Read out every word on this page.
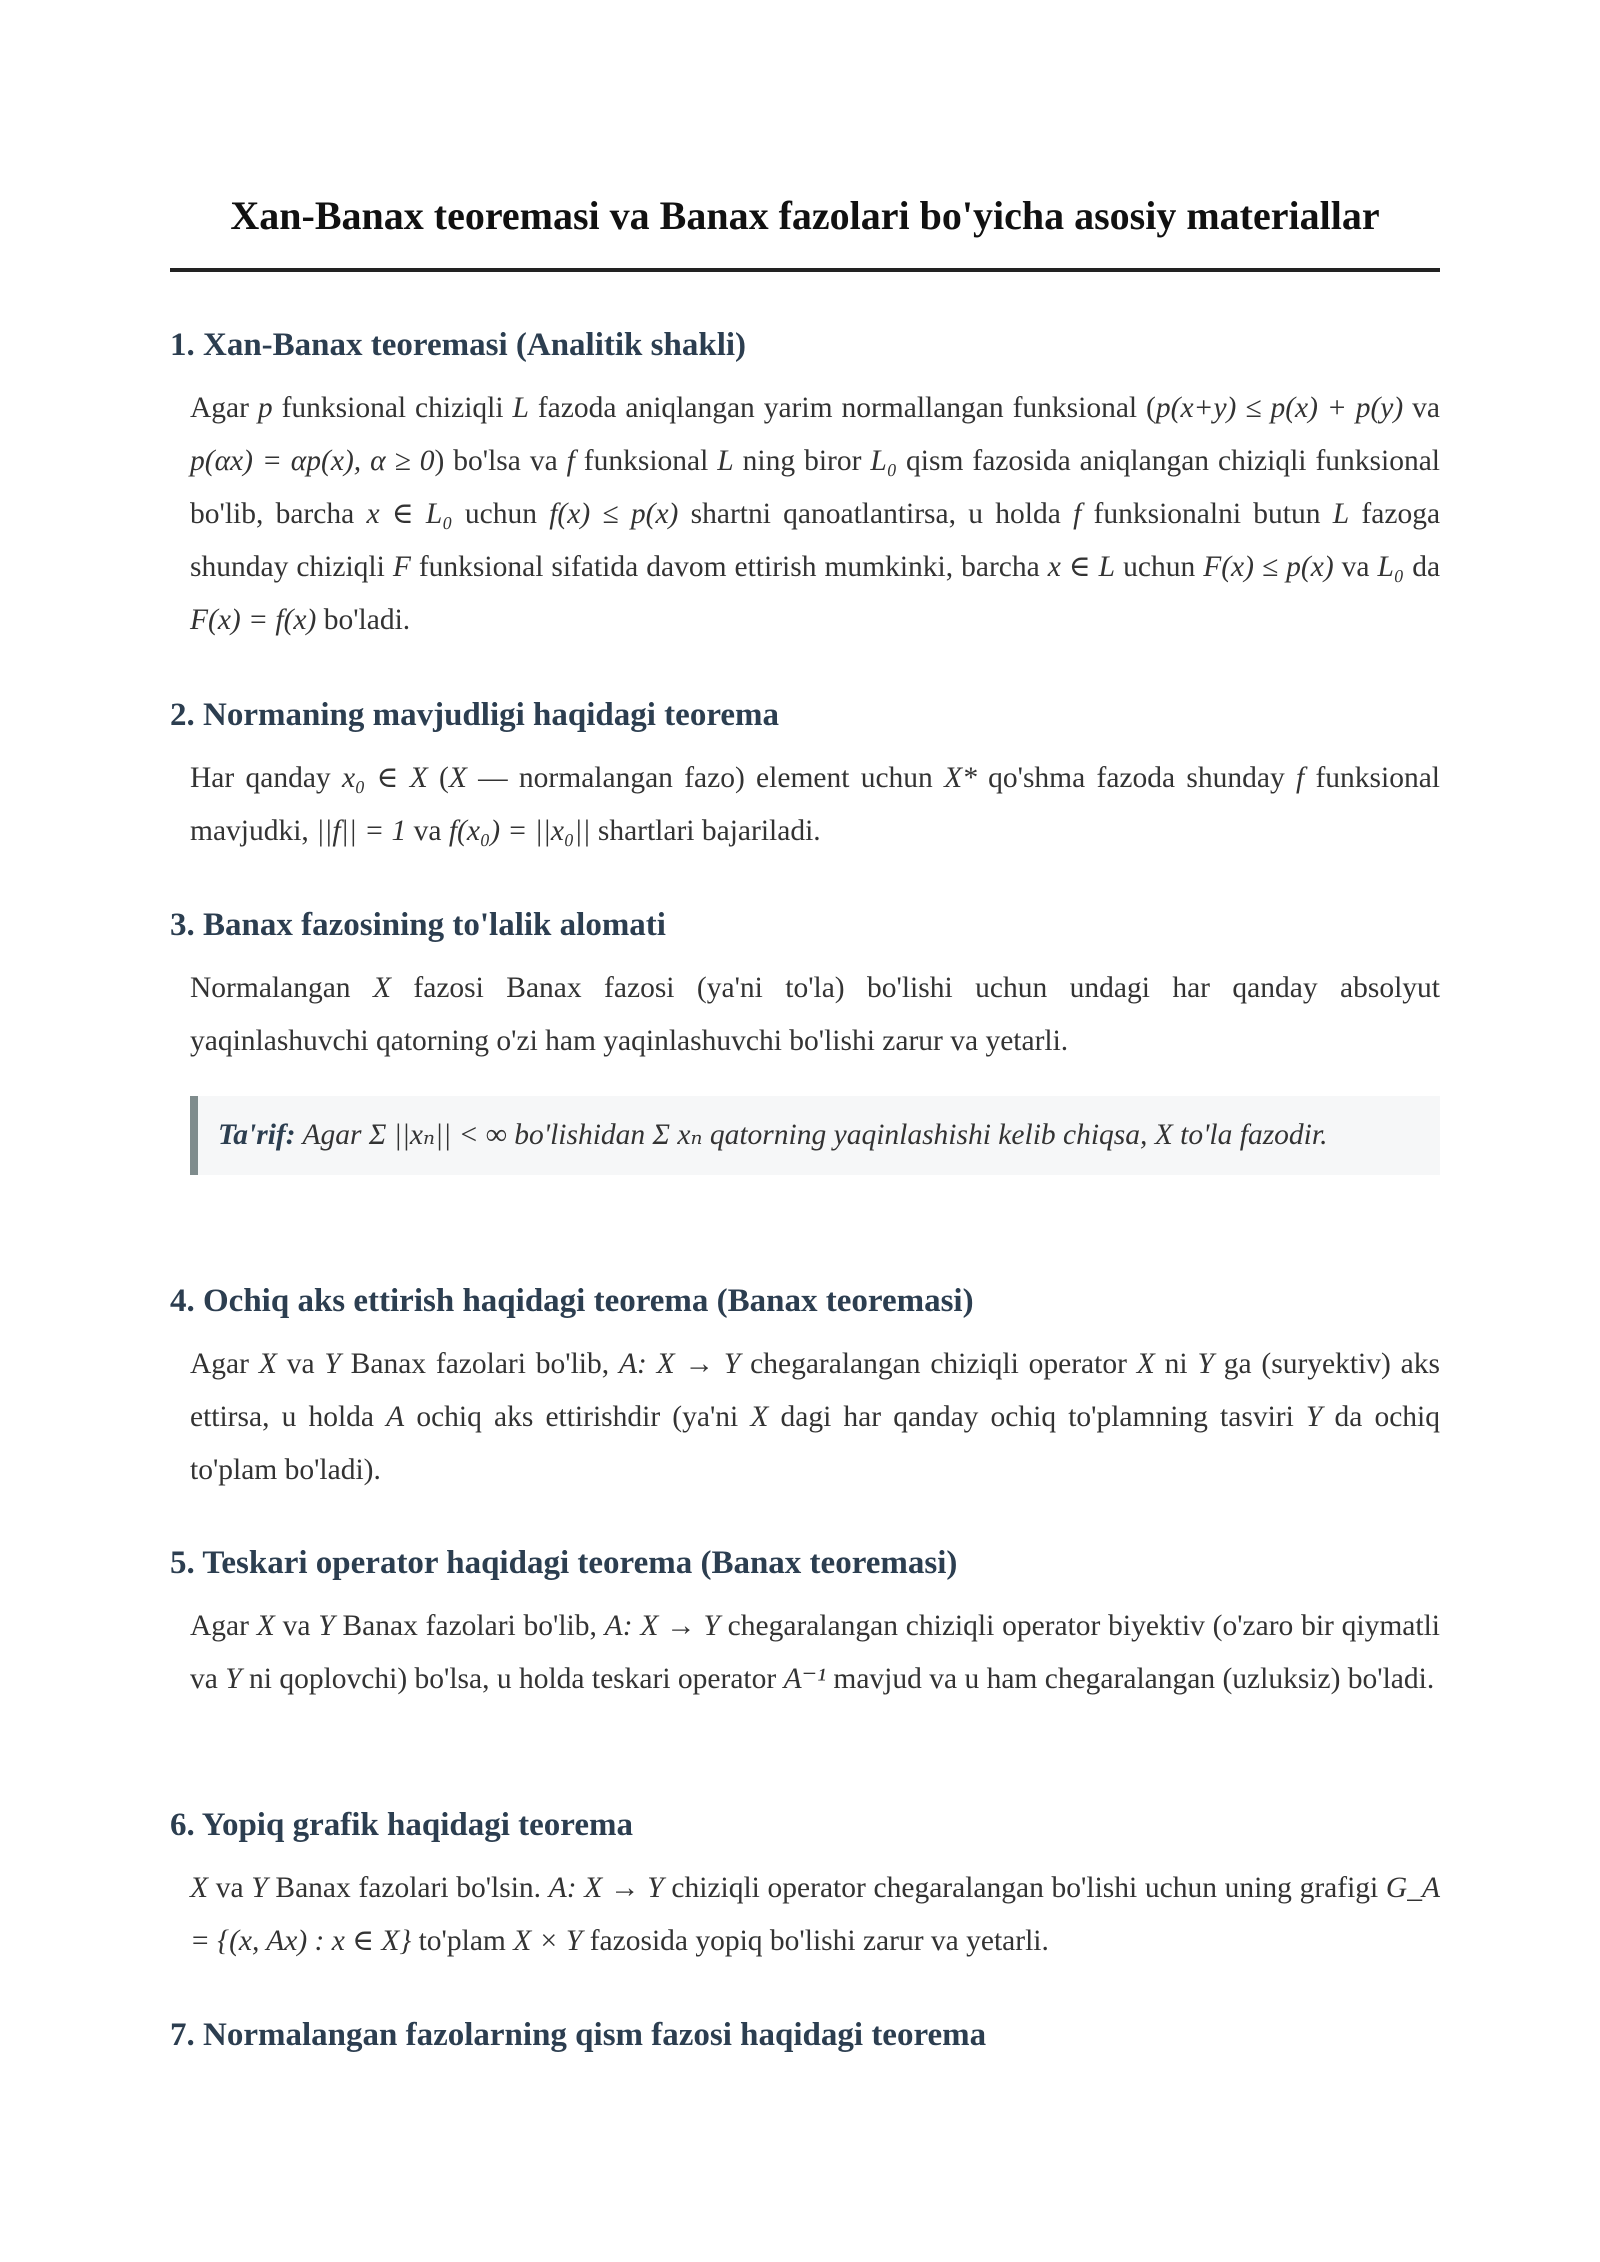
Xan-Banax teoremasi va Banax fazolari bo'yicha asosiy materiallar
1. Xan-Banax teoremasi (Analitik shakli)

Agar p funksional chiziqli L fazoda aniqlangan yarim normallangan funksional (p(x+y) ≤ p(x) + p(y) va p(αx) = αp(x), α ≥ 0) bo'lsa va f funksional L ning biror L₀ qism fazosida aniqlangan chiziqli funksional bo'lib, barcha x ∈ L₀ uchun f(x) ≤ p(x) shartni qanoatlantirsa, u holda f funksionalni butun L fazoga shunday chiziqli F funksional sifatida davom ettirish mumkinki, barcha x ∈ L uchun F(x) ≤ p(x) va L₀ da F(x) = f(x) bo'ladi.

2. Normaning mavjudligi haqidagi teorema

Har qanday x₀ ∈ X (X — normalangan fazo) element uchun X* qo'shma fazoda shunday f funksional mavjudki, ||f|| = 1 va f(x₀) = ||x₀|| shartlari bajariladi.

3. Banax fazosining to'lalik alomati

Normalangan X fazosi Banax fazosi (ya'ni to'la) bo'lishi uchun undagi har qanday absolyut yaqinlashuvchi qatorning o'zi ham yaqinlashuvchi bo'lishi zarur va yetarli.

Ta'rif: Agar Σ ||xₙ|| < ∞ bo'lishidan Σ xₙ qatorning yaqinlashishi kelib chiqsa, X to'la fazodir.

4. Ochiq aks ettirish haqidagi teorema (Banax teoremasi)

Agar X va Y Banax fazolari bo'lib, A: X → Y chegaralangan chiziqli operator X ni Y ga (suryektiv) aks ettirsa, u holda A ochiq aks ettirishdir (ya'ni X dagi har qanday ochiq to'plamning tasviri Y da ochiq to'plam bo'ladi).

5. Teskari operator haqidagi teorema (Banax teoremasi)

Agar X va Y Banax fazolari bo'lib, A: X → Y chegaralangan chiziqli operator biyektiv (o'zaro bir qiymatli va Y ni qoplovchi) bo'lsa, u holda teskari operator A⁻¹ mavjud va u ham chegaralangan (uzluksiz) bo'ladi.

6. Yopiq grafik haqidagi teorema

X va Y Banax fazolari bo'lsin. A: X → Y chiziqli operator chegaralangan bo'lishi uchun uning grafigi G_A = {(x, Ax) : x ∈ X} to'plam X × Y fazosida yopiq bo'lishi zarur va yetarli.

7. Normalangan fazolarning qism fazosi haqidagi teorema
